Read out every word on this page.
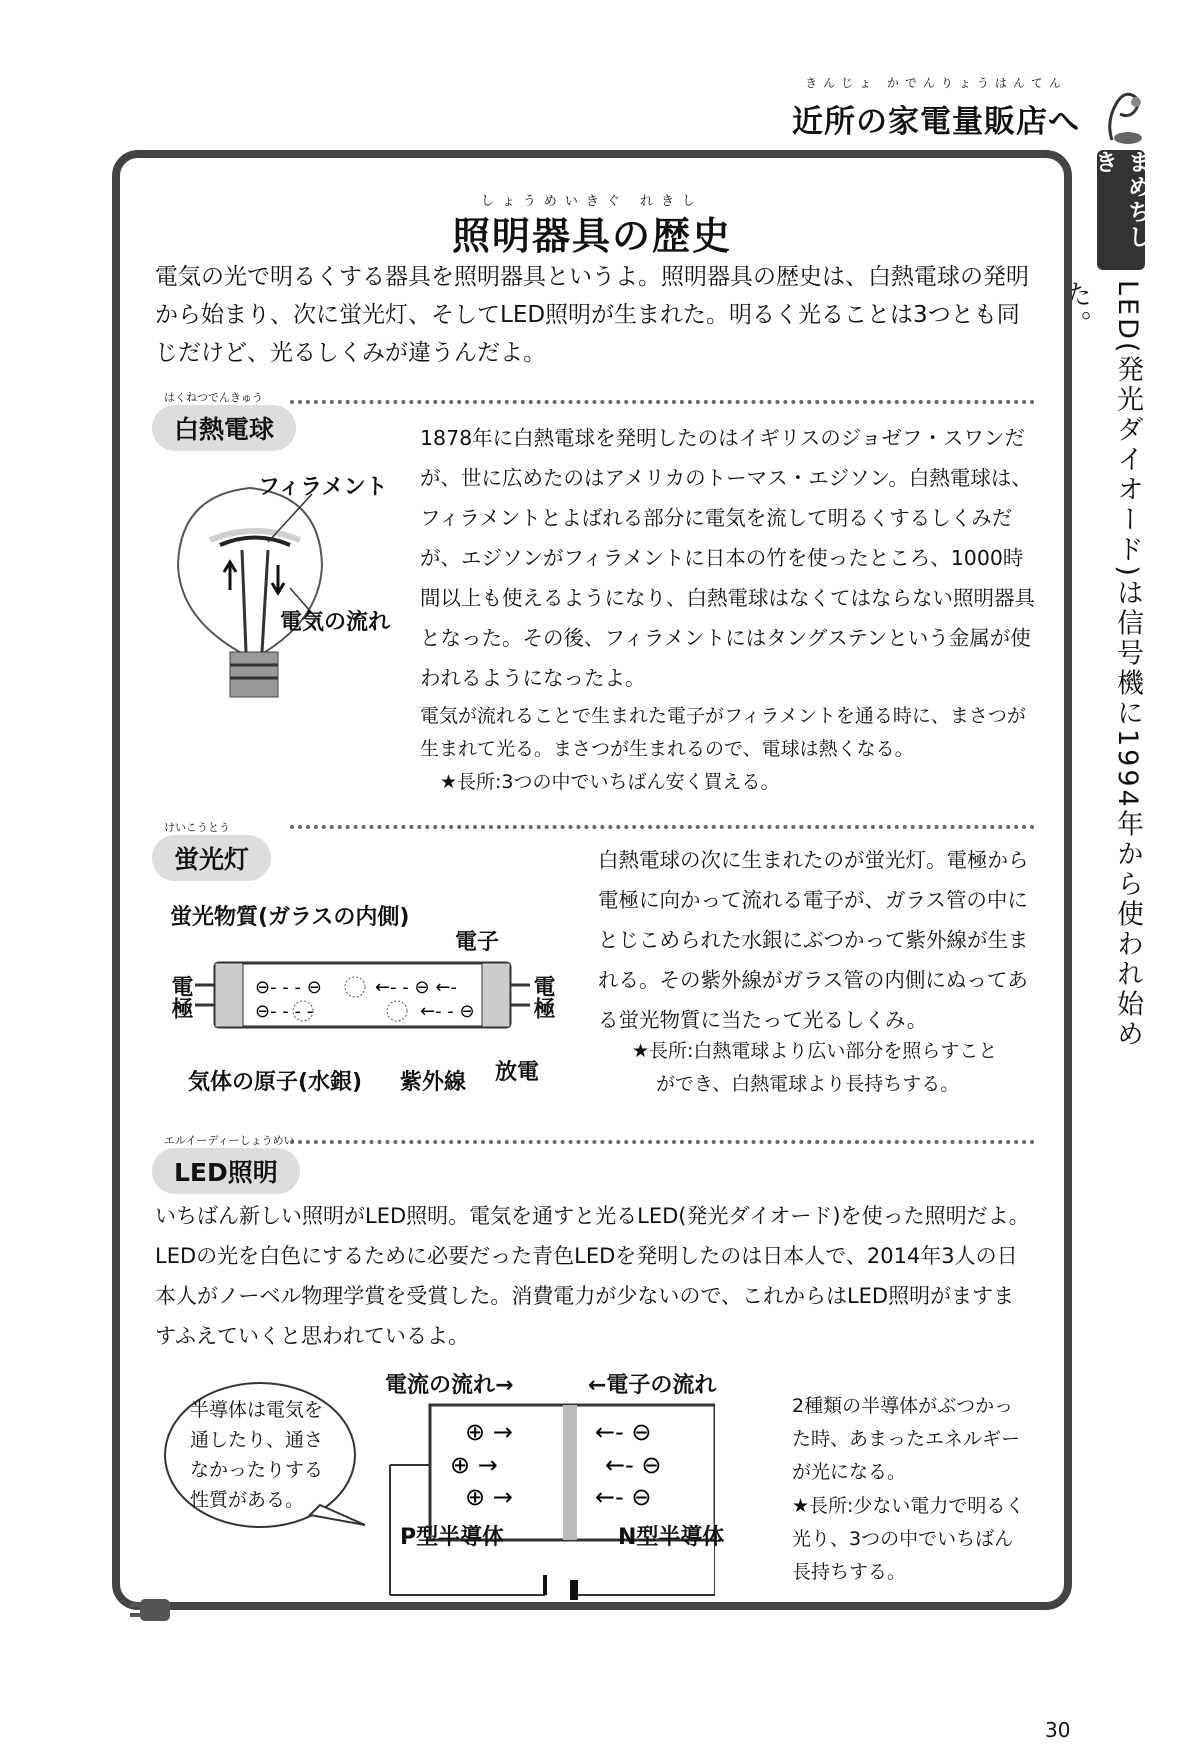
きんじょ かでんりょうはんてん
近所の家電量販店へ
まめちしき
LED(発光ダイオード)は信号機に1994年から使われ始めた。
しょうめいきぐ れきし
照明器具の歴史
電気の光で明るくする器具を照明器具というよ。照明器具の歴史は、白熱電球の発明から始まり、次に蛍光灯、そしてLED照明が生まれた。明るく光ることは3つとも同じだけど、光るしくみが違うんだよ。
はくねつでんきゅう
白熱電球
フィラメント
電気の流れ
1878年に白熱電球を発明したのはイギリスのジョゼフ・スワンだが、世に広めたのはアメリカのトーマス・エジソン。白熱電球は、フィラメントとよばれる部分に電気を流して明るくするしくみだが、エジソンがフィラメントに日本の竹を使ったところ、1000時間以上も使えるようになり、白熱電球はなくてはならない照明器具となった。その後、フィラメントにはタングステンという金属が使われるようになったよ。
電気が流れることで生まれた電子がフィラメントを通る時に、まさつが生まれて光る。まさつが生まれるので、電球は熱くなる。
★長所:3つの中でいちばん安く買える。
けいこうとう
蛍光灯
⊖- - - ⊖
⊖- - - -
←- - ⊖ ←-
←- - ⊖
蛍光物質(ガラスの内側)
電子
電極	電極
気体の原子(水銀) 紫外線 放電
白熱電球の次に生まれたのが蛍光灯。電極から電極に向かって流れる電子が、ガラス管の中にとじこめられた水銀にぶつかって紫外線が生まれる。その紫外線がガラス管の内側にぬってある蛍光物質に当たって光るしくみ。
★長所:白熱電球より広い部分を照らすこと
ができ、白熱電球より長持ちする。
エルイーディーしょうめい
LED照明
いちばん新しい照明がLED照明。電気を通すと光るLED(発光ダイオード)を使った照明だよ。LEDの光を白色にするために必要だった青色LEDを発明したのは日本人で、2014年3人の日本人がノーベル物理学賞を受賞した。消費電力が少ないので、これからはLED照明がますますふえていくと思われているよ。
半導体は電気を通したり、通さなかったりする性質がある。
⊕ →
⊕ →
⊕ →
←- ⊖
←- ⊖
←- ⊖
電流の流れ→	←電子の流れ
P型半導体	N型半導体
2種類の半導体がぶつかった時、あまったエネルギーが光になる。
★長所:少ない電力で明るく光り、3つの中でいちばん長持ちする。
30
